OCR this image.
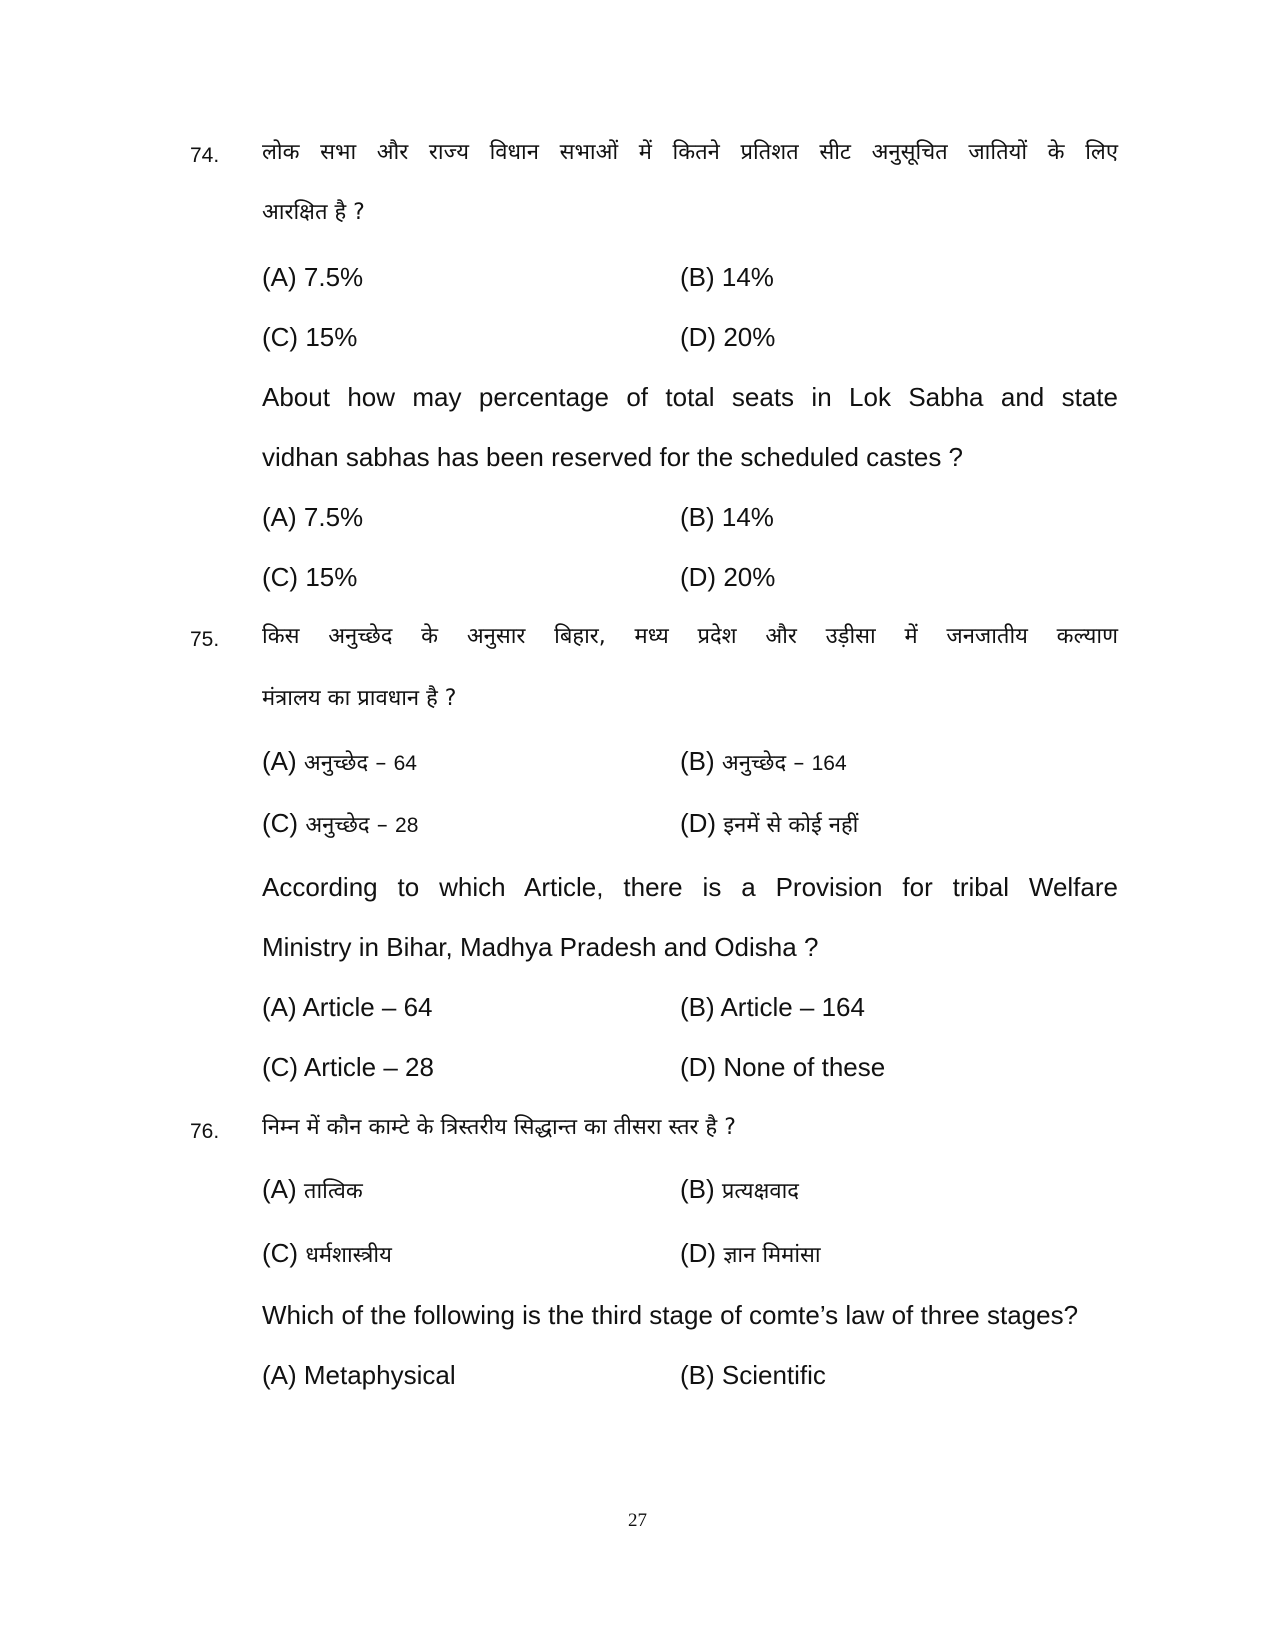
74. लोक सभा और राज्य विधान सभाओं में कितने प्रतिशत सीट अनुसूचित जातियों के लिए
आरक्षित है ?
(A) 7.5%	(B) 14%
(C) 15%	(D) 20%
About how may percentage of total seats in Lok Sabha and state
vidhan sabhas has been reserved for the scheduled castes ?
(A) 7.5%	(B) 14%
(C) 15%	(D) 20%
75. किस अनुच्छेद के अनुसार बिहार, मध्य प्रदेश और उड़ीसा में जनजातीय कल्याण
मंत्रालय का प्रावधान है ?
(A) अनुच्छेद – 64	(B) अनुच्छेद – 164
(C) अनुच्छेद – 28	(D) इनमें से कोई नहीं
According to which Article, there is a Provision for tribal Welfare
Ministry in Bihar, Madhya Pradesh and Odisha ?
(A) Article – 64	(B) Article – 164
(C) Article – 28	(D) None of these
76. निम्न में कौन काम्टे के त्रिस्तरीय सिद्धान्त का तीसरा स्तर है ?
(A) तात्विक	(B) प्रत्यक्षवाद
(C) धर्मशास्त्रीय	(D) ज्ञान मिमांसा
Which of the following is the third stage of comte’s law of three stages?
(A) Metaphysical	(B) Scientific
27
